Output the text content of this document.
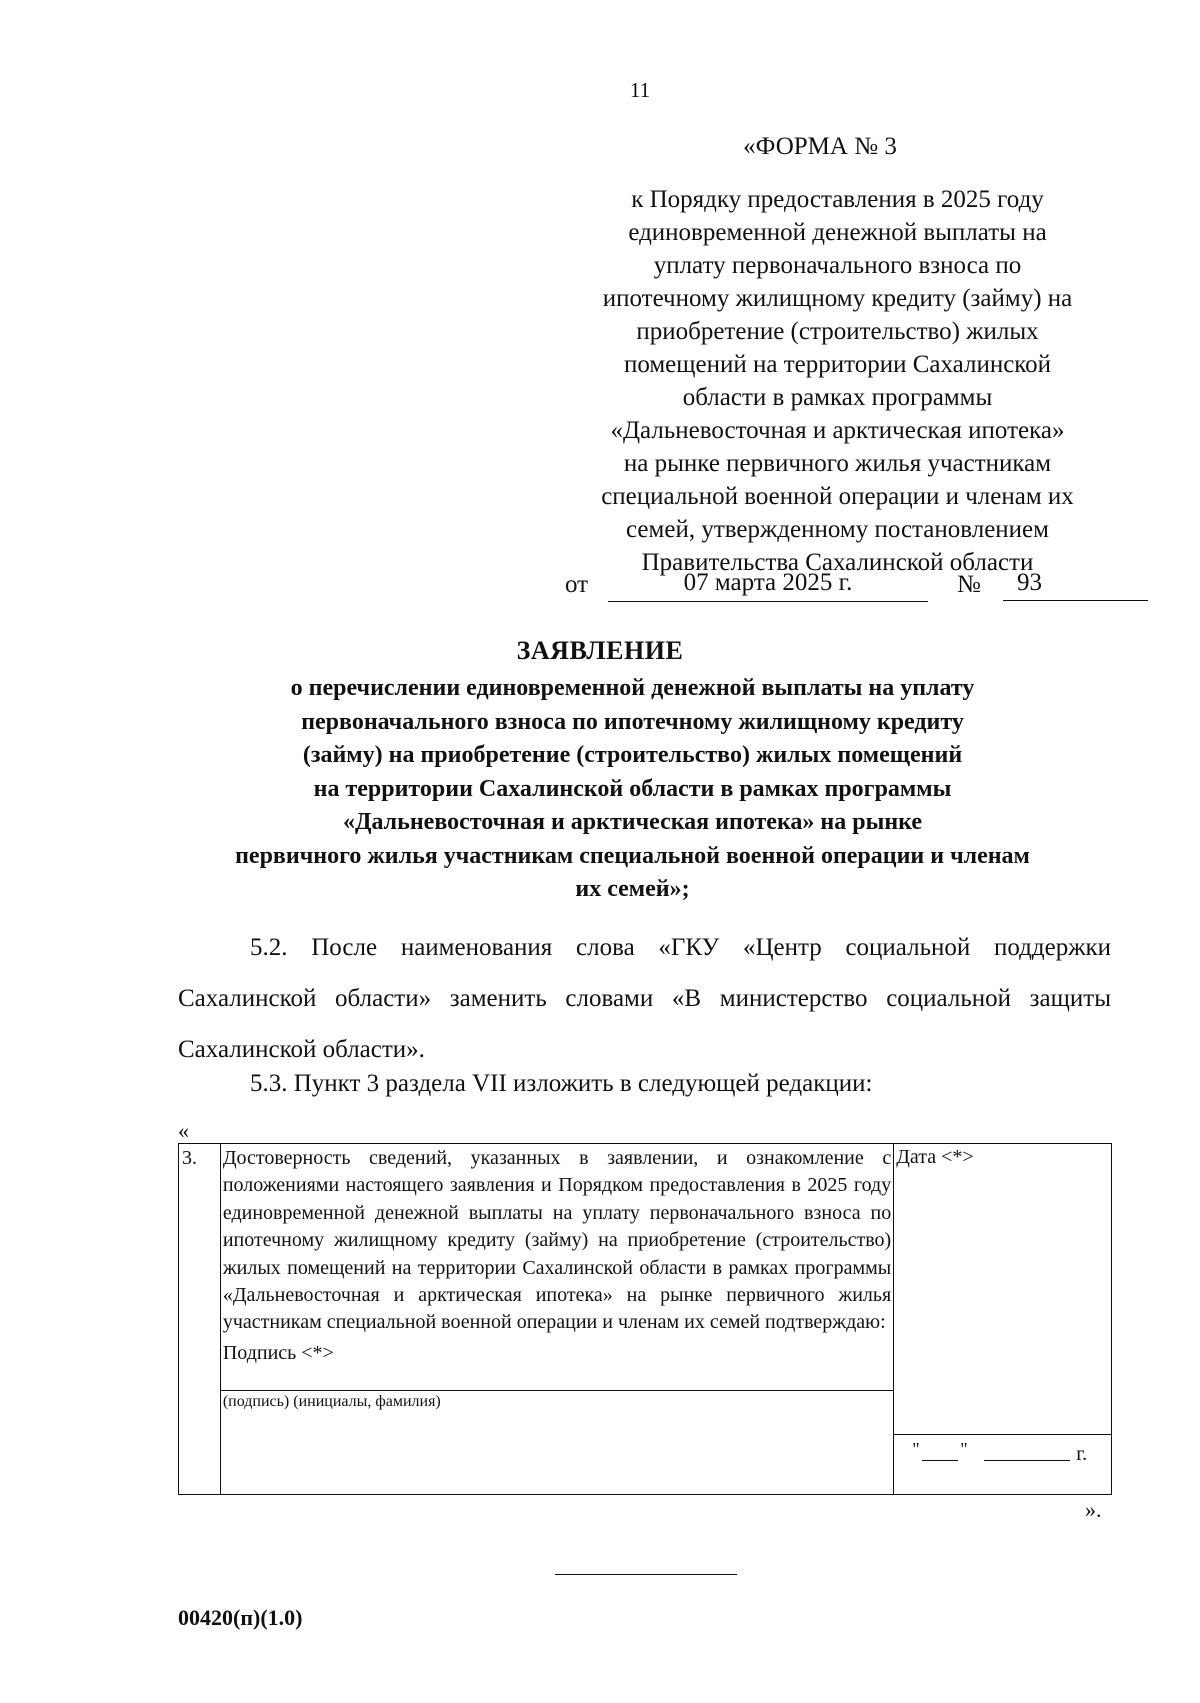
11
«ФОРМА № 3
к Порядку предоставления в 2025 году
единовременной денежной выплаты на
уплату первоначального взноса по
ипотечному жилищному кредиту (займу) на
приобретение (строительство) жилых
помещений на территории Сахалинской
области в рамках программы
«Дальневосточная и арктическая ипотека»
на рынке первичного жилья участникам
специальной военной операции и членам их
семей, утвержденному постановлением
Правительства Сахалинской области
от	07 марта 2025 г.	№	93
ЗАЯВЛЕНИЕ
о перечислении единовременной денежной выплаты на уплату
первоначального взноса по ипотечному жилищному кредиту
(займу) на приобретение (строительство) жилых помещений
на территории Сахалинской области в рамках программы
«Дальневосточная и арктическая ипотека» на рынке
первичного жилья участникам специальной военной операции и членам
их семей»;
5.2. После наименования слова «ГКУ «Центр социальной поддержки Сахалинской области» заменить словами «В министерство социальной защиты Сахалинской области».
5.3. Пункт 3 раздела VII изложить в следующей редакции:
«
3.	Достоверность сведений, указанных в заявлении, и ознакомление с положениями настоящего заявления и Порядком предоставления в 2025 году единовременной денежной выплаты на уплату первоначального взноса по ипотечному жилищному кредиту (займу) на приобретение (строительство) жилых помещений на территории Сахалинской области в рамках программы «Дальневосточная и арктическая ипотека» на рынке первичного жилья участникам специальной военной операции и членам их семей подтверждаю:
Подпись <*>
(подпись) (инициалы, фамилия)

Дата <*>
" "	г.
».
00420(п)(1.0)
